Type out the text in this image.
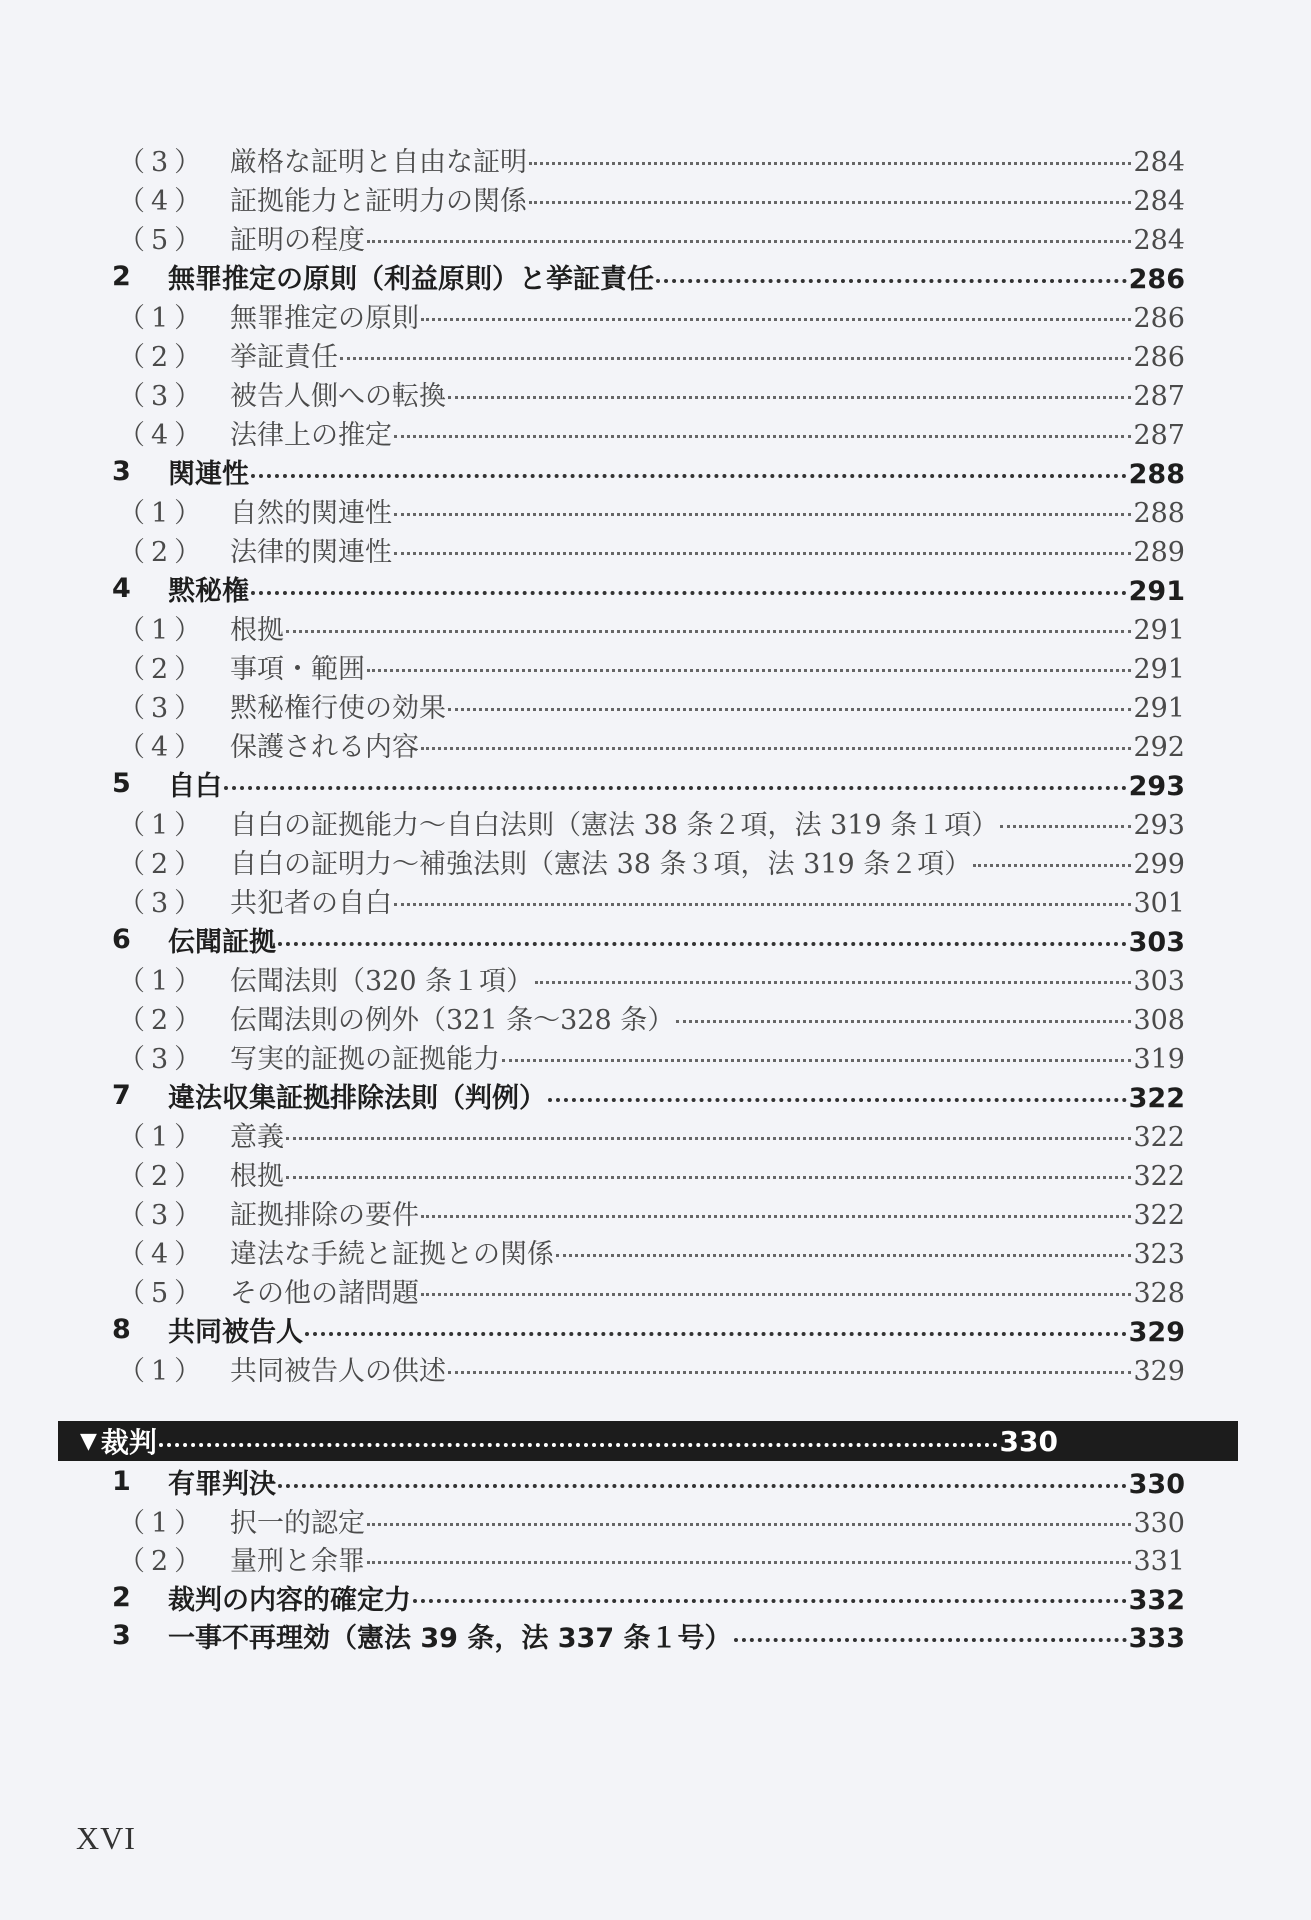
（3） 厳格な証明と自由な証明	284
（4） 証拠能力と証明力の関係	284
（5） 証明の程度	284
2 無罪推定の原則（利益原則）と挙証責任	286
（1） 無罪推定の原則	286
（2） 挙証責任	286
（3） 被告人側への転換	287
（4） 法律上の推定	287
3 関連性	288
（1） 自然的関連性	288
（2） 法律的関連性	289
4 黙秘権	291
（1） 根拠	291
（2） 事項・範囲	291
（3） 黙秘権行使の効果	291
（4） 保護される内容	292
5 自白	293
（1） 自白の証拠能力～自白法則（憲法 38 条２項，法 319 条１項）	293
（2） 自白の証明力～補強法則（憲法 38 条３項，法 319 条２項）	299
（3） 共犯者の自白	301
6 伝聞証拠	303
（1） 伝聞法則（320 条１項）	303
（2） 伝聞法則の例外（321 条～328 条）	308
（3） 写実的証拠の証拠能力	319
7 違法収集証拠排除法則（判例）	322
（1） 意義	322
（2） 根拠	322
（3） 証拠排除の要件	322
（4） 違法な手続と証拠との関係	323
（5） その他の諸問題	328
8 共同被告人	329
（1） 共同被告人の供述	329
1 有罪判決	330
（1） 択一的認定	330
（2） 量刑と余罪	331
2 裁判の内容的確定力	332
3 一事不再理効（憲法 39 条，法 337 条１号）	333
▼ 裁判	330
XVI
